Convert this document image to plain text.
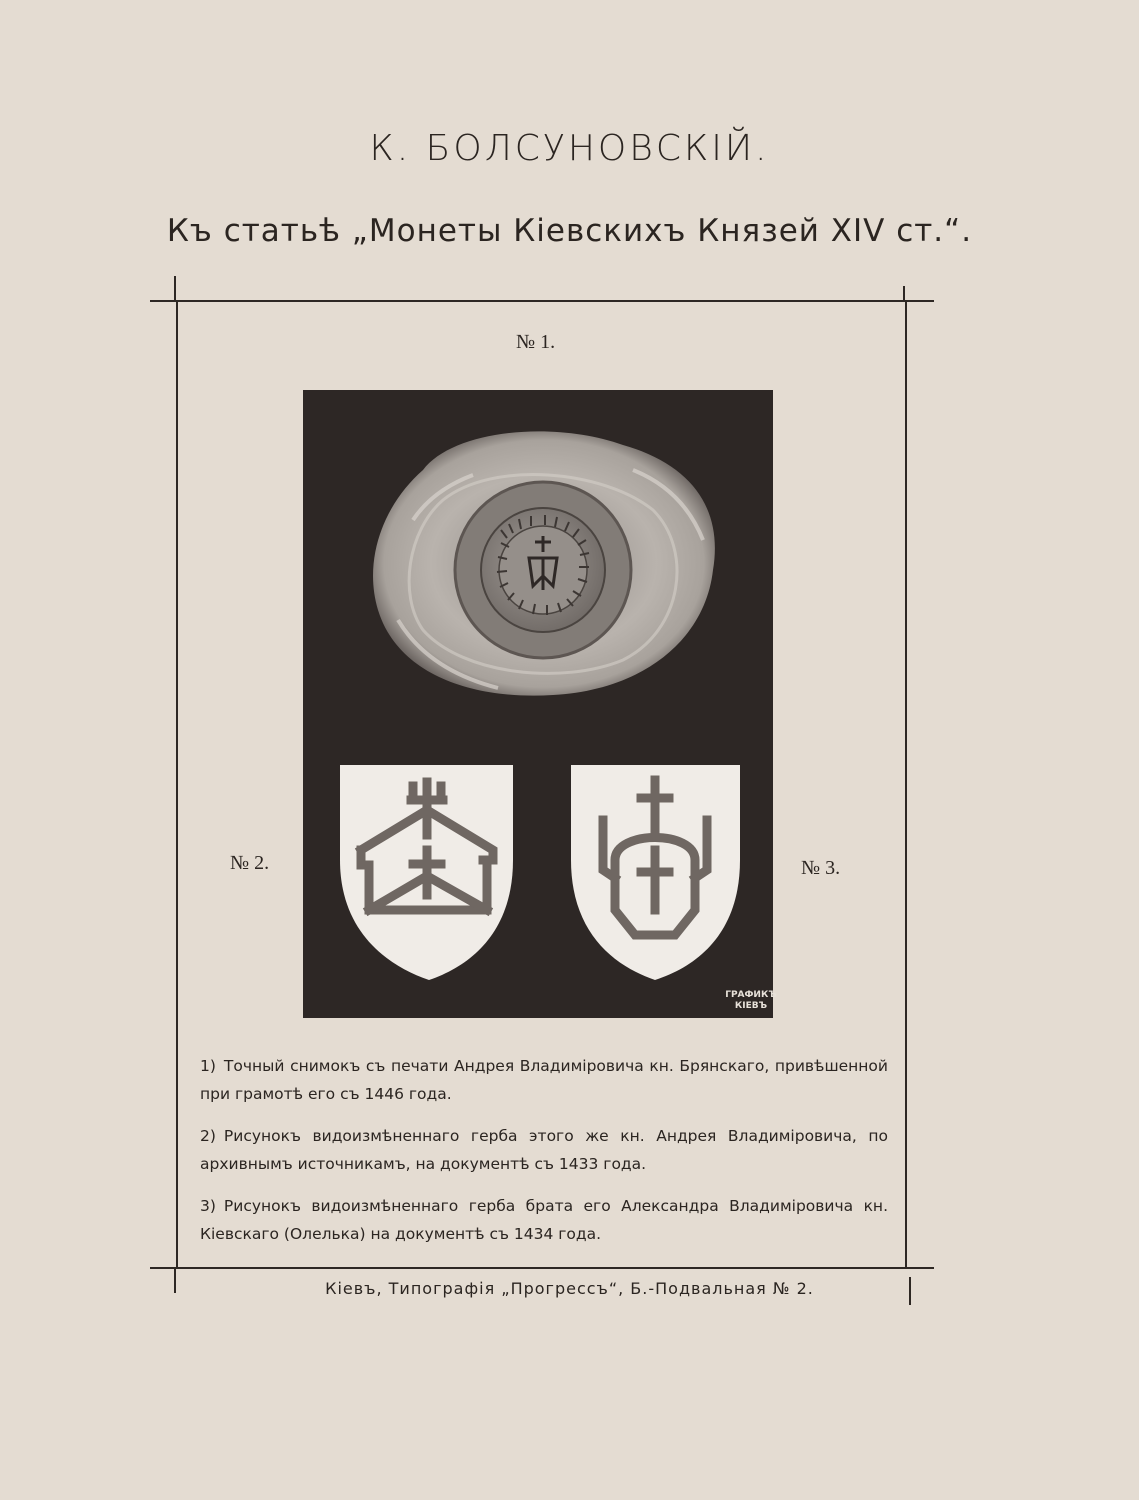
К. БОЛСУНОВСКІЙ.
Къ статьѣ „Монеты Кіевскихъ Князей XIV ст.“.
№ 1.
№ 2.	№ 3.
ГРАФИКЪ
КІЕВЪ
1) Точный снимокъ съ печати Андрея Владиміровича кн. Брянскаго, привѣшенной при грамотѣ его съ 1446 года.
2) Рисунокъ видоизмѣненнаго герба этого же кн. Андрея Владиміровича, по архивнымъ источникамъ, на документѣ съ 1433 года.
3) Рисунокъ видоизмѣненнаго герба брата его Александра Владиміровича кн. Кіевскаго (Олелька) на документѣ съ 1434 года.
Кіевъ, Типографія „Прогрессъ“, Б.-Подвальная № 2.
